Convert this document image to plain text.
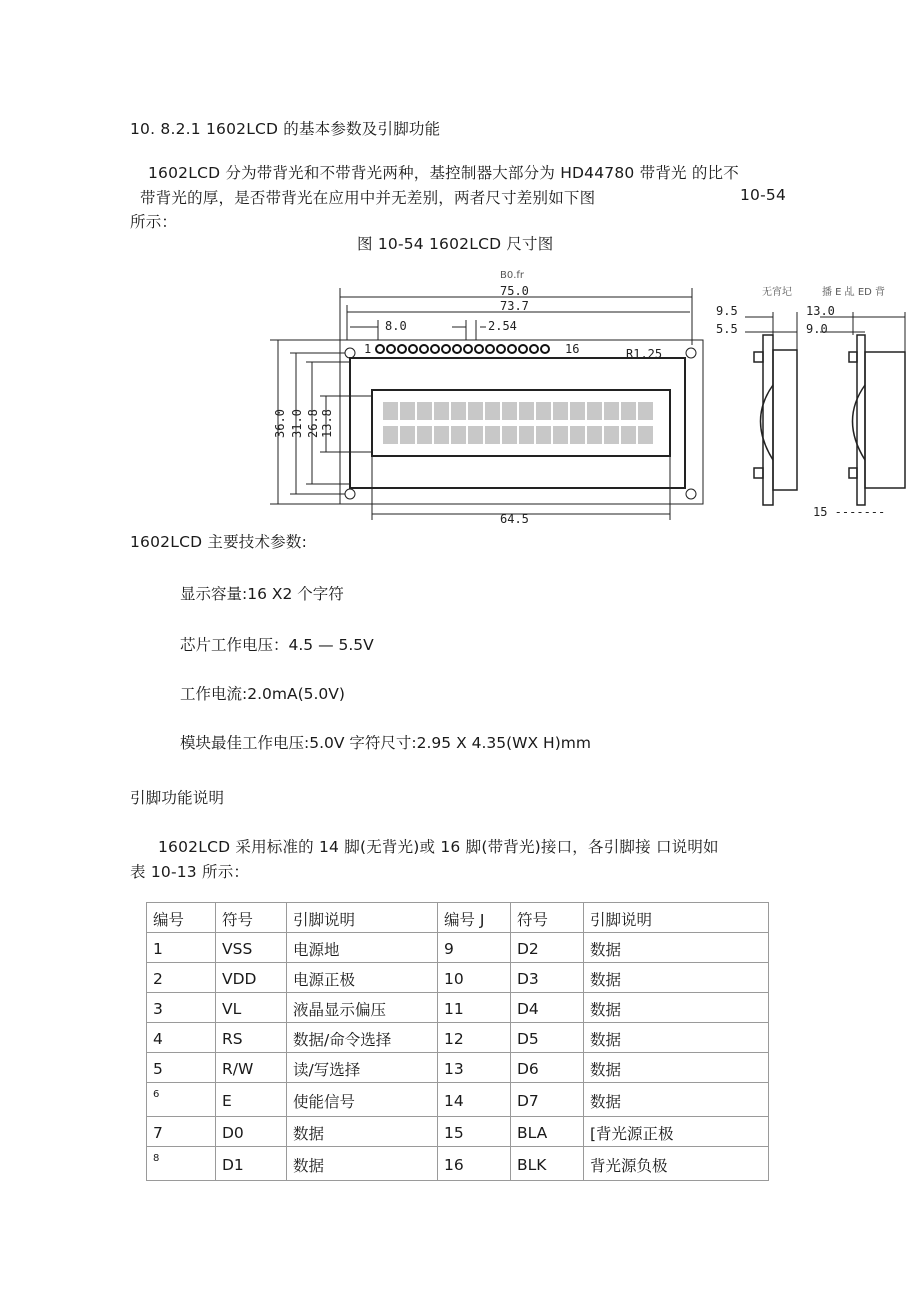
10. 8.2.1 1602LCD 的基本参数及引脚功能
1602LCD 分为带背光和不带背光两种，基控制器大部分为 HD44780 带背光 的比不
带背光的厚，是否带背光在应用中并无差别，两者尺寸差别如下图	10-54
所示：
图 10-54 1602LCD 尺寸图
B0.fr
75.0
73.7
8.0	2.54
1	16	R1.25
36.0 31.0 26.8 13.8
64.5
无宵圮	播 E 乩 ED 背
9.5
5.5
13.0
9.0
15 -------
1602LCD 主要技术参数:
显示容量:16 X2 个字符
芯片工作电压：4.5 — 5.5V
工作电流:2.0mA(5.0V)
模块最佳工作电压:5.0V 字符尺寸:2.95 X 4.35(WX H)mm
引脚功能说明
1602LCD 采用标准的 14 脚(无背光)或 16 脚(带背光)接口，各引脚接 口说明如
表 10-13 所示：
编号	符号	引脚说明	编号 J	符号	引脚说明
1	VSS	电源地	9	D2	数据
2	VDD	电源正极	10	D3	数据
3	VL	液晶显示偏压	11	D4	数据
4	RS	数据/命令选择	12	D5	数据
5	R/W	读/写选择	13	D6	数据
6	E	使能信号	14	D7	数据
7	D0	数据	15	BLA	[背光源正极
8	D1	数据	16	BLK	背光源负极
